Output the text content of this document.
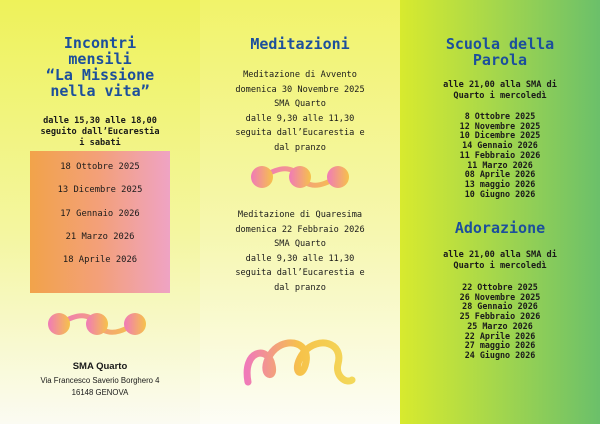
Incontri
mensili
“La Missione
nella vita”
dalle 15,30 alle 18,00
seguito dall’Eucarestia
i sabati
18 Ottobre 2025
13 Dicembre 2025
17 Gennaio 2026
21 Marzo 2026
18 Aprile 2026
SMA Quarto
Via Francesco Saverio Borghero 4
16148 GENOVA
Meditazioni
Meditazione di Avvento
domenica 30 Novembre 2025
SMA Quarto
dalle 9,30 alle 11,30
seguita dall’Eucarestia e
dal pranzo
Meditazione di Quaresima
domenica 22 Febbraio 2026
SMA Quarto
dalle 9,30 alle 11,30
seguita dall’Eucarestia e
dal pranzo
Scuola della
Parola
alle 21,00 alla SMA di
Quarto i mercoledì
8 Ottobre 2025
12 Novembre 2025
10 Dicembre 2025
14 Gennaio 2026
11 Febbraio 2026
11 Marzo 2026
08 Aprile 2026
13 maggio 2026
10 Giugno 2026
Adorazione
alle 21,00 alla SMA di
Quarto i mercoledì
22 Ottobre 2025
26 Novembre 2025
28 Gennaio 2026
25 Febbraio 2026
25 Marzo 2026
22 Aprile 2026
27 maggio 2026
24 Giugno 2026
